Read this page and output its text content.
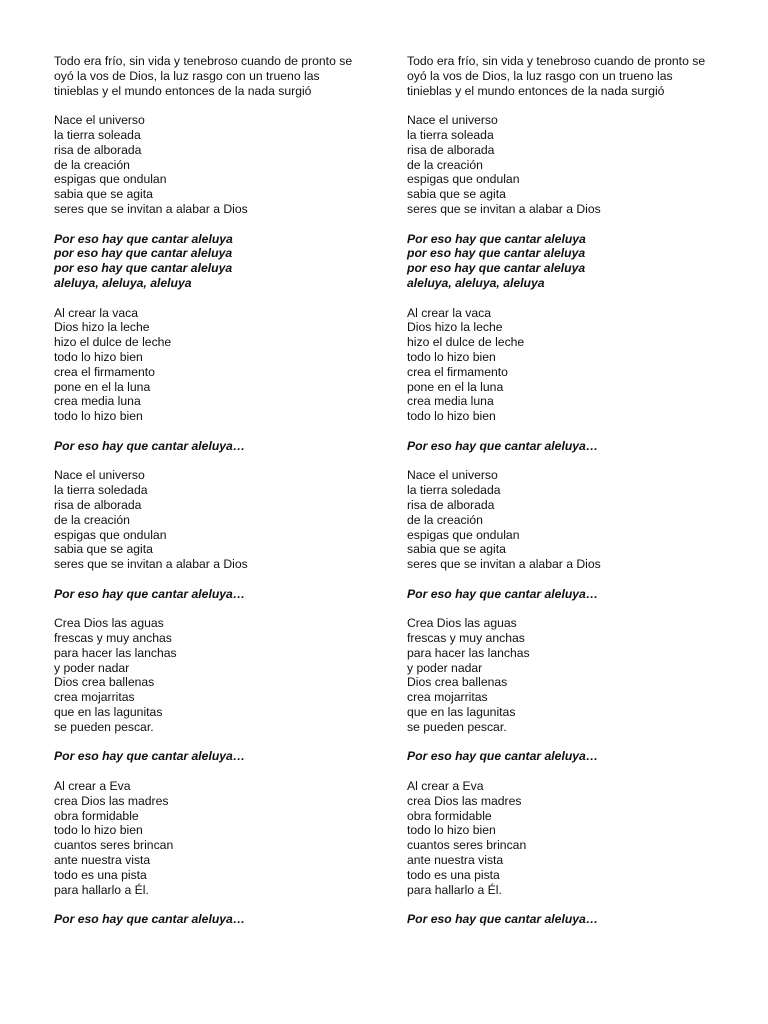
Todo era frío, sin vida y tenebroso cuando de pronto se
oyó la vos de Dios, la luz rasgo con un trueno las
tinieblas y el mundo entonces de la nada surgió
Nace el universo
la tierra soleada
risa de alborada
de la creación
espigas que ondulan
sabia que se agita
seres que se invitan a alabar a Dios
Por eso hay que cantar aleluya
por eso hay que cantar aleluya
por eso hay que cantar aleluya
aleluya, aleluya, aleluya
Al crear la vaca
Dios hizo la leche
hizo el dulce de leche
todo lo hizo bien
crea el firmamento
pone en el la luna
crea media luna
todo lo hizo bien
Por eso hay que cantar aleluya…
Nace el universo
la tierra soledada
risa de alborada
de la creación
espigas que ondulan
sabia que se agita
seres que se invitan a alabar a Dios
Por eso hay que cantar aleluya…
Crea Dios las aguas
frescas y muy anchas
para hacer las lanchas
y poder nadar
Dios crea ballenas
crea mojarritas
que en las lagunitas
se pueden pescar.
Por eso hay que cantar aleluya…
Al crear a Eva
crea Dios las madres
obra formidable
todo lo hizo bien
cuantos seres brincan
ante nuestra vista
todo es una pista
para hallarlo a Él.
Por eso hay que cantar aleluya…
Todo era frío, sin vida y tenebroso cuando de pronto se
oyó la vos de Dios, la luz rasgo con un trueno las
tinieblas y el mundo entonces de la nada surgió
Nace el universo
la tierra soleada
risa de alborada
de la creación
espigas que ondulan
sabia que se agita
seres que se invitan a alabar a Dios
Por eso hay que cantar aleluya
por eso hay que cantar aleluya
por eso hay que cantar aleluya
aleluya, aleluya, aleluya
Al crear la vaca
Dios hizo la leche
hizo el dulce de leche
todo lo hizo bien
crea el firmamento
pone en el la luna
crea media luna
todo lo hizo bien
Por eso hay que cantar aleluya…
Nace el universo
la tierra soledada
risa de alborada
de la creación
espigas que ondulan
sabia que se agita
seres que se invitan a alabar a Dios
Por eso hay que cantar aleluya…
Crea Dios las aguas
frescas y muy anchas
para hacer las lanchas
y poder nadar
Dios crea ballenas
crea mojarritas
que en las lagunitas
se pueden pescar.
Por eso hay que cantar aleluya…
Al crear a Eva
crea Dios las madres
obra formidable
todo lo hizo bien
cuantos seres brincan
ante nuestra vista
todo es una pista
para hallarlo a Él.
Por eso hay que cantar aleluya…
